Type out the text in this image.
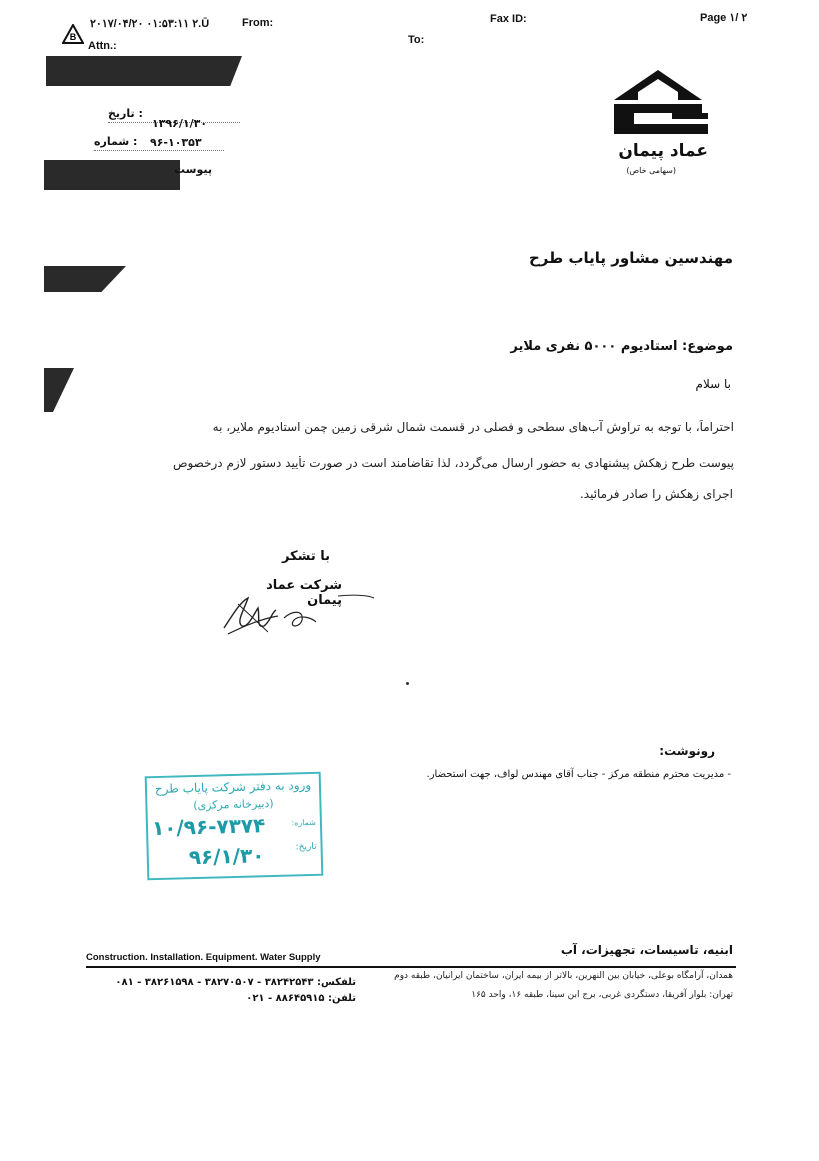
B
۲۰۱۷/۰۴/۲۰ ۰۱:۵۳:۱۱ ۲.Ū	From:	Fax ID:	Page ۱/ ۲
Attn.:	To:
: تاریخ
۱۳۹۶/۱/۳۰
: شماره	۹۶-۱۰۳۵۳
پیوست
عماد پیمان
(سهامی خاص)
مهندسین مشاور پایاب طرح
موضوع: استادیوم ۵۰۰۰ نفری ملایر
با سلام
احتراماً، با توجه به تراوش آب‌های سطحی و فصلی در قسمت شمال شرقی زمین چمن استادیوم ملایر، به
پیوست طرح زهکش پیشنهادی به حضور ارسال می‌گردد، لذا تقاضامند است در صورت تأیید دستور لازم درخصوص
اجرای زهکش را صادر فرمائید.
با تشکر
شرکت عماد پیمان
رونوشت:
- مدیریت محترم منطقه مرکز - جناب آقای مهندس لواف، جهت استحضار.
ورود به دفتر شرکت پایاب طرح
(دبیرخانه مرکزی)
شماره:
۱۰/۹۶-۷۳۷۴
تاریخ:
۹۶/۱/۳۰
Construction. Installation. Equipment. Water Supply
ابنیه، تاسیسات، تجهیزات، آب
همدان، آرامگاه بوعلی، خیابان بین النهرین، بالاتر از بیمه ایران، ساختمان ایرانیان، طبقه دوم
تهران: بلوار آفریقا، دستگردی غربی، برج ابن سینا، طبقه ۱۶، واحد ۱۶۵
تلفکس: ۳۸۲۴۲۵۴۳ - ۳۸۲۷۰۵۰۷ - ۳۸۲۶۱۵۹۸ - ۰۸۱
تلفن: ۸۸۶۴۵۹۱۵ - ۰۲۱
